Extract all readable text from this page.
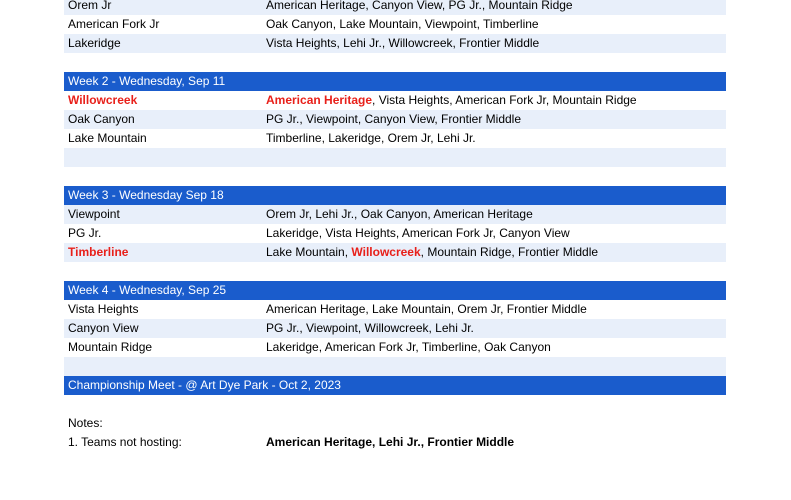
Orem Jr	American Heritage, Canyon View, PG Jr., Mountain Ridge
American Fork Jr	Oak Canyon, Lake Mountain, Viewpoint, Timberline
Lakeridge	Vista Heights, Lehi Jr., Willowcreek, Frontier Middle
Week 2 - Wednesday, Sep 11
Willowcreek	American Heritage, Vista Heights, American Fork Jr, Mountain Ridge
Oak Canyon	PG Jr., Viewpoint, Canyon View, Frontier Middle
Lake Mountain	Timberline, Lakeridge, Orem Jr, Lehi Jr.
Week 3 - Wednesday Sep 18
Viewpoint	Orem Jr, Lehi Jr., Oak Canyon, American Heritage
PG Jr.	Lakeridge, Vista Heights, American Fork Jr, Canyon View
Timberline	Lake Mountain, Willowcreek, Mountain Ridge, Frontier Middle
Week 4 - Wednesday, Sep 25
Vista Heights	American Heritage, Lake Mountain, Orem Jr, Frontier Middle
Canyon View	PG Jr., Viewpoint, Willowcreek, Lehi Jr.
Mountain Ridge	Lakeridge, American Fork Jr, Timberline, Oak Canyon
Championship Meet - @ Art Dye Park - Oct 2, 2023
Notes:
1. Teams not hosting:	American Heritage, Lehi Jr., Frontier Middle
